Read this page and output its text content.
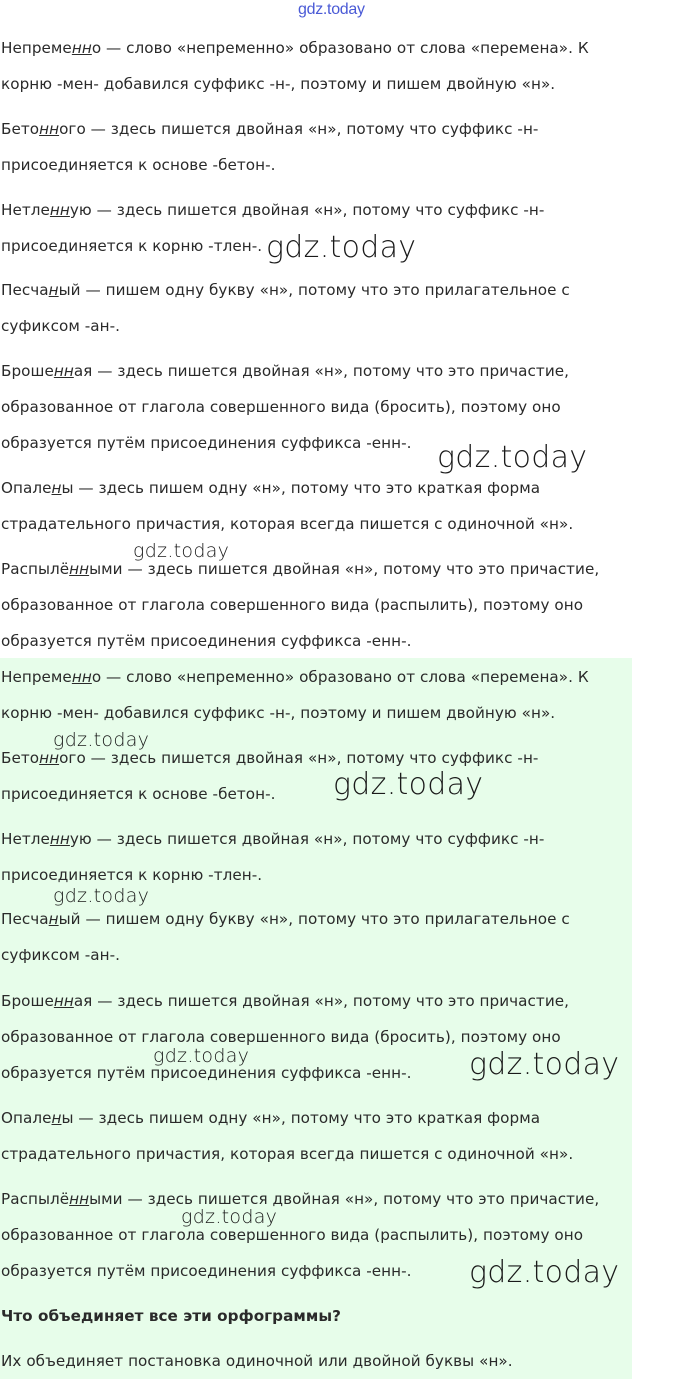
gdz.today
Непременно — слово «непременно» образовано от слова «перемена». К
корню -мен- добавился суффикс -н-, поэтому и пишем двойную «н».
Бетонного — здесь пишется двойная «н», потому что суффикс -н-
присоединяется к основе -бетон-.
Нетленную — здесь пишется двойная «н», потому что суффикс -н-
присоединяется к корню -тлен-.
Песчаный — пишем одну букву «н», потому что это прилагательное с
суфиксом -ан-.
Брошенная — здесь пишется двойная «н», потому что это причастие,
образованное от глагола совершенного вида (бросить), поэтому оно
образуется путём присоединения суффикса -енн-.
Опалены — здесь пишем одну «н», потому что это краткая форма
страдательного причастия, которая всегда пишется с одиночной «н».
Распылёнными — здесь пишется двойная «н», потому что это причастие,
образованное от глагола совершенного вида (распылить), поэтому оно
образуется путём присоединения суффикса -енн-.
Непременно — слово «непременно» образовано от слова «перемена». К
корню -мен- добавился суффикс -н-, поэтому и пишем двойную «н».
Бетонного — здесь пишется двойная «н», потому что суффикс -н-
присоединяется к основе -бетон-.
Нетленную — здесь пишется двойная «н», потому что суффикс -н-
присоединяется к корню -тлен-.
Песчаный — пишем одну букву «н», потому что это прилагательное с
суфиксом -ан-.
Брошенная — здесь пишется двойная «н», потому что это причастие,
образованное от глагола совершенного вида (бросить), поэтому оно
образуется путём присоединения суффикса -енн-.
Опалены — здесь пишем одну «н», потому что это краткая форма
страдательного причастия, которая всегда пишется с одиночной «н».
Распылёнными — здесь пишется двойная «н», потому что это причастие,
образованное от глагола совершенного вида (распылить), поэтому оно
образуется путём присоединения суффикса -енн-.
Что объединяет все эти орфограммы?
Их объединяет постановка одиночной или двойной буквы «н».
gdz.today
gdz.today
gdz.today
gdz.today
gdz.today
gdz.today
gdz.today	gdz.today
gdz.today
gdz.today
